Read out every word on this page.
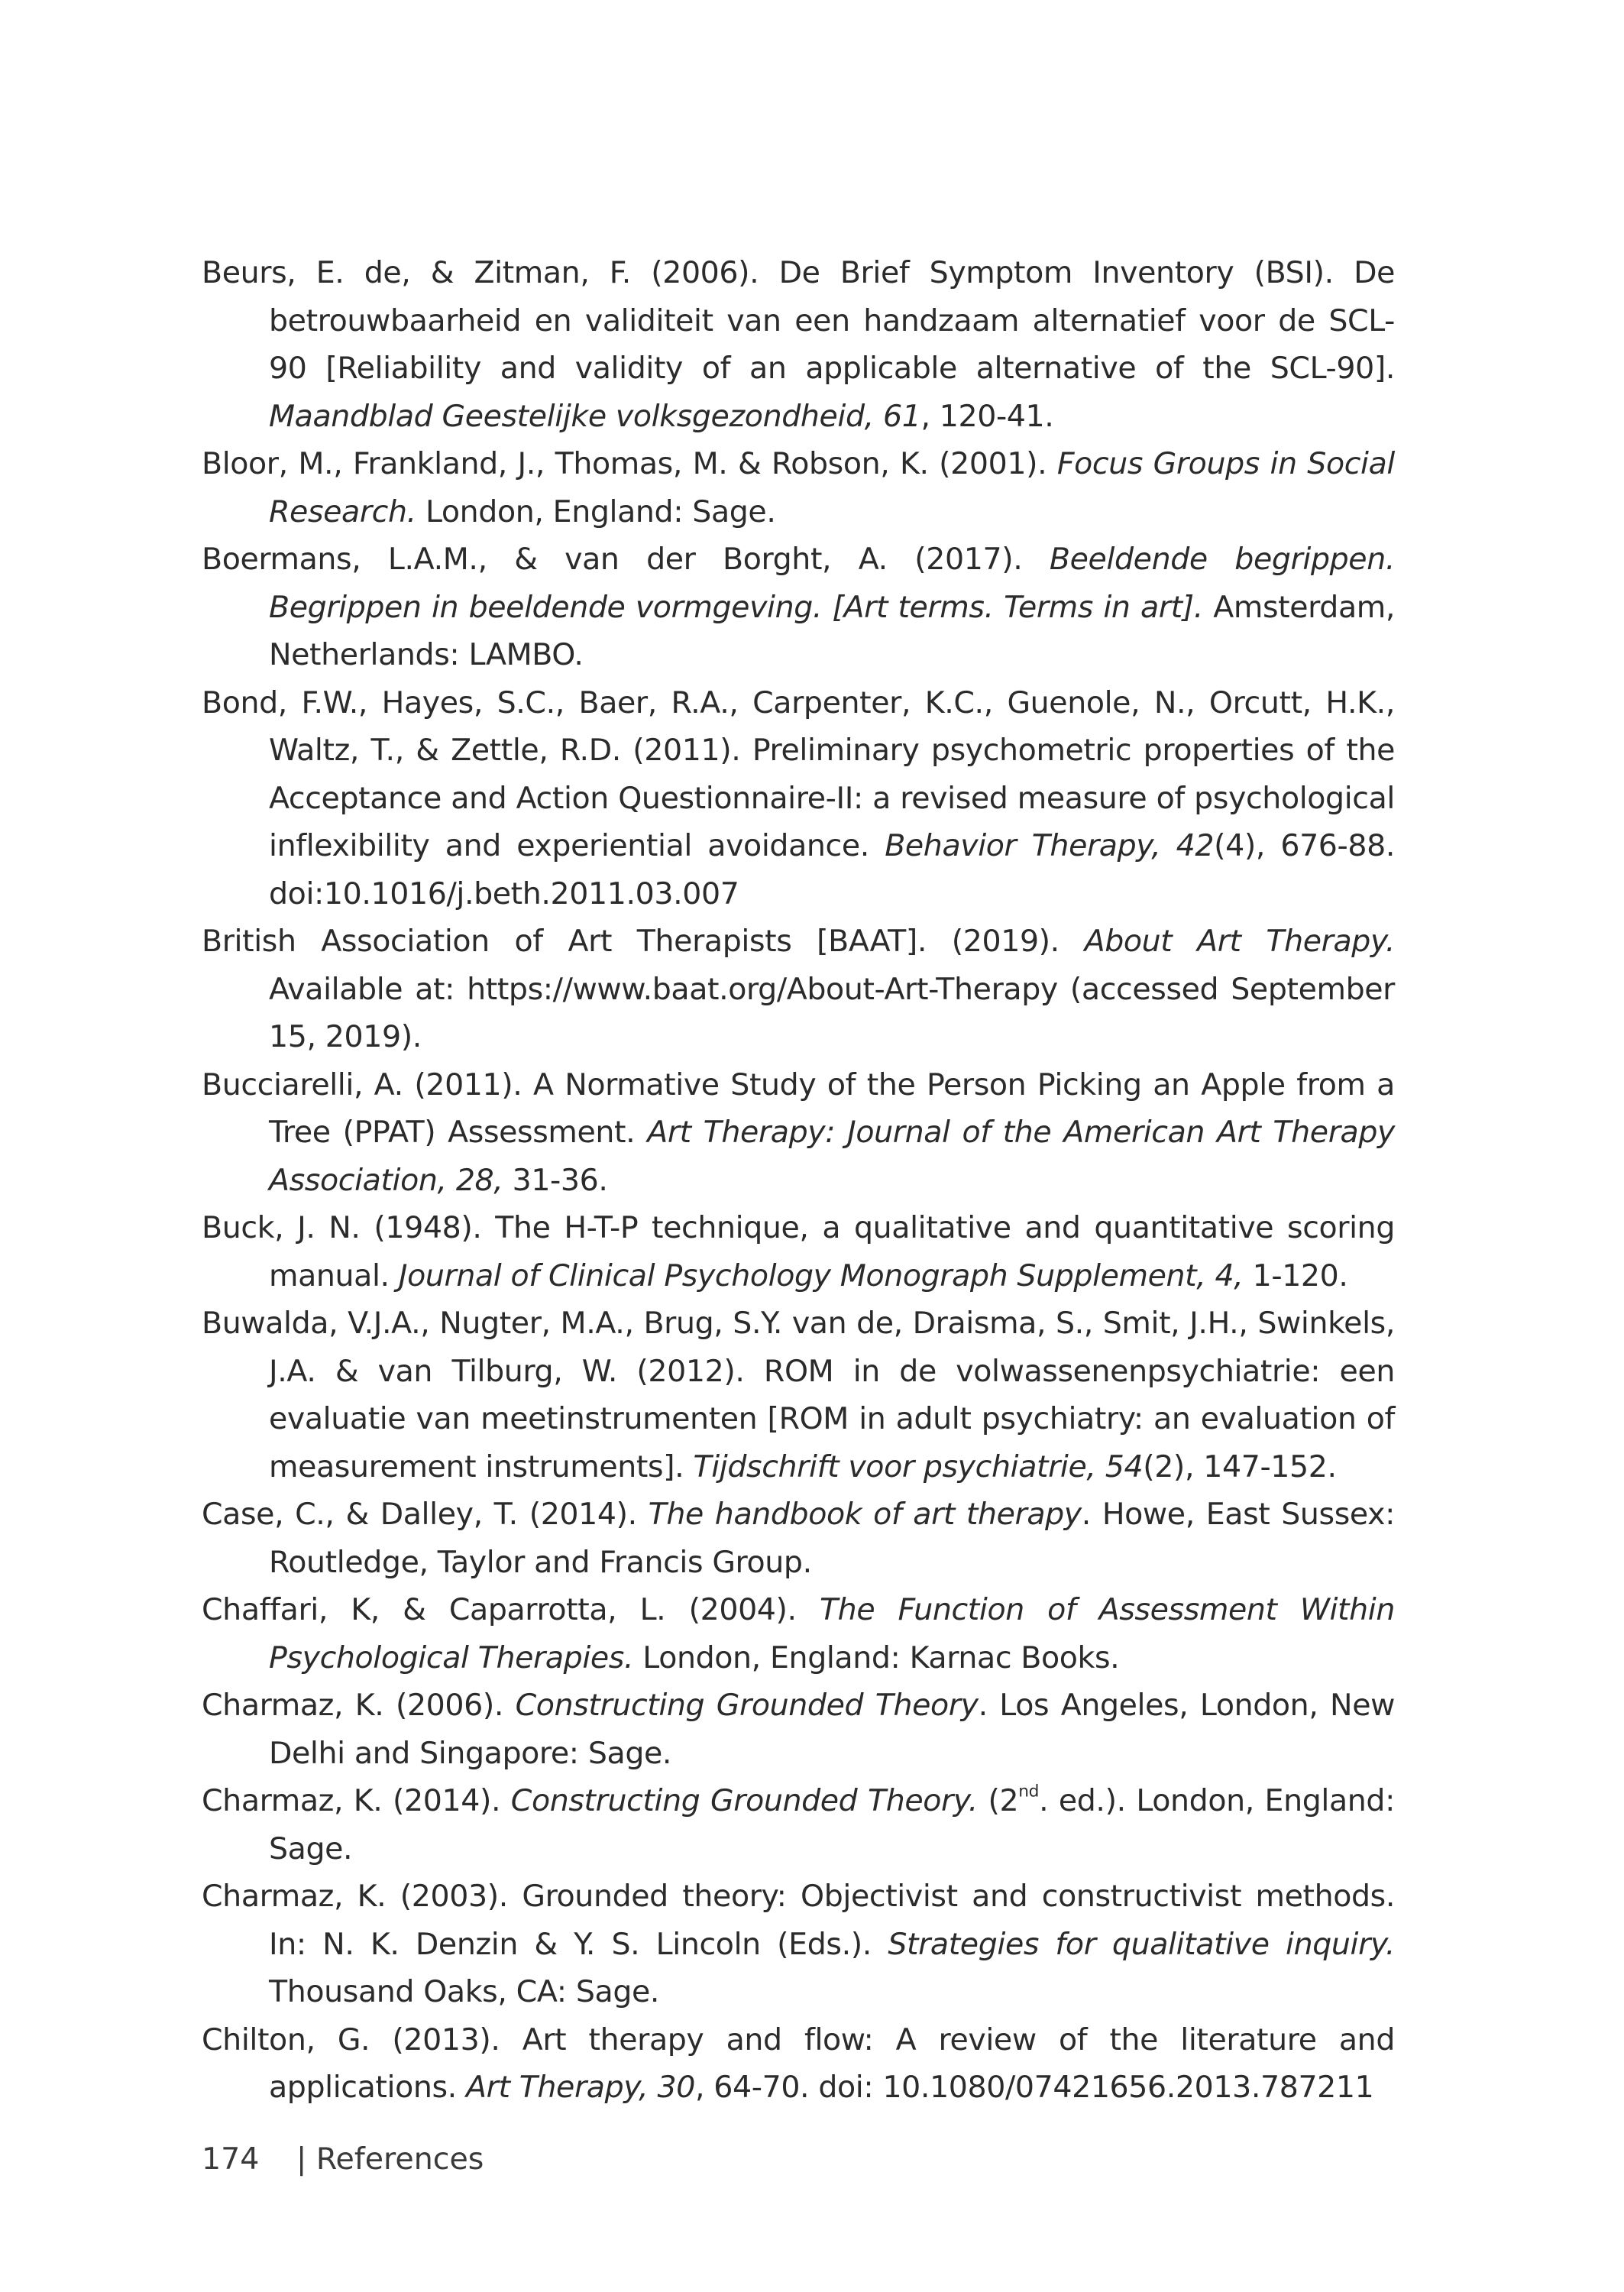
Beurs, E. de, & Zitman, F. (2006). De Brief Symptom Inventory (BSI). De betrouwbaarheid en validiteit van een handzaam alternatief voor de SCL-90 [Reliability and validity of an applicable alternative of the SCL-90]. Maandblad Geestelijke volksgezondheid, 61, 120-41.

Bloor, M., Frankland, J., Thomas, M. & Robson, K. (2001). Focus Groups in Social Research. London, England: Sage.

Boermans, L.A.M., & van der Borght, A. (2017). Beeldende begrippen. Begrippen in beeldende vormgeving. [Art terms. Terms in art]. Amsterdam, Netherlands: LAMBO.

Bond, F.W., Hayes, S.C., Baer, R.A., Carpenter, K.C., Guenole, N., Orcutt, H.K., Waltz, T., & Zettle, R.D. (2011). Preliminary psychometric properties of the Acceptance and Action Questionnaire-II: a revised measure of psychological inflexibility and experiential avoidance. Behavior Therapy, 42(4), 676-88. doi:10.1016/j.beth.2011.03.007

British Association of Art Therapists [BAAT]. (2019). About Art Therapy. Available at: https://www.baat.org/About-Art-Therapy (accessed September 15, 2019).

Bucciarelli, A. (2011). A Normative Study of the Person Picking an Apple from a Tree (PPAT) Assessment. Art Therapy: Journal of the American Art Therapy Association, 28, 31-36.

Buck, J. N. (1948). The H-T-P technique, a qualitative and quantitative scoring manual. Journal of Clinical Psychology Monograph Supplement, 4, 1-120.

Buwalda, V.J.A., Nugter, M.A., Brug, S.Y. van de, Draisma, S., Smit, J.H., Swinkels, J.A. & van Tilburg, W. (2012). ROM in de volwassenenpsychiatrie: een evaluatie van meetinstrumenten [ROM in adult psychiatry: an evaluation of measurement instruments]. Tijdschrift voor psychiatrie, 54(2), 147-152.

Case, C., & Dalley, T. (2014). The handbook of art therapy. Howe, East Sussex: Routledge, Taylor and Francis Group.

Chaffari, K, & Caparrotta, L. (2004). The Function of Assessment Within Psychological Therapies. London, England: Karnac Books.

Charmaz, K. (2006). Constructing Grounded Theory. Los Angeles, London, New Delhi and Singapore: Sage.

Charmaz, K. (2014). Constructing Grounded Theory. (2nd. ed.). London, England: Sage.

Charmaz, K. (2003). Grounded theory: Objectivist and constructivist methods. In: N. K. Denzin & Y. S. Lincoln (Eds.). Strategies for qualitative inquiry. Thousand Oaks, CA: Sage.

Chilton, G. (2013). Art therapy and flow: A review of the literature and applications. Art Therapy, 30, 64-70. doi: 10.1080/07421656.2013.787211

174 | References
